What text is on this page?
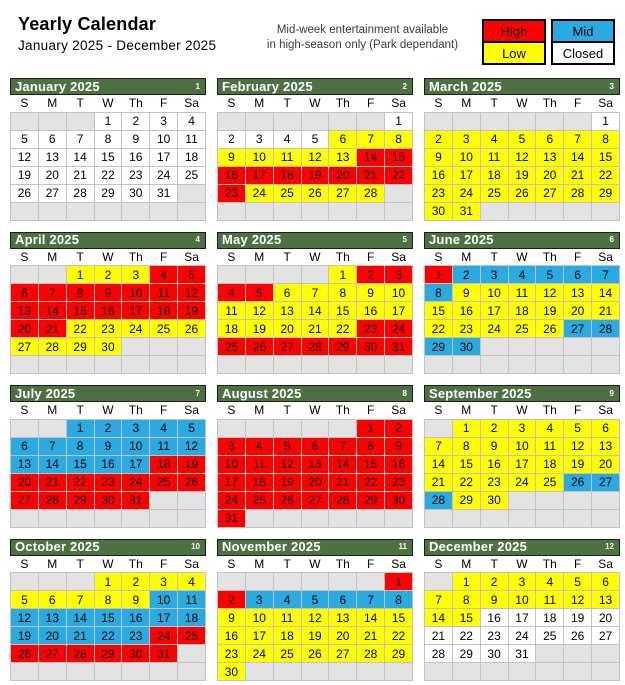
Yearly Calendar
January 2025 - December 2025
Mid-week entertainment available
in high-season only (Park dependant)
High
Low
Mid
Closed
January 2025	1
S	M	T	W	Th	F	Sa
			1	2	3	4
5	6	7	8	9	10	11
12	13	14	15	16	17	18
19	20	21	22	23	24	25
26	27	28	29	30	31	

February 2025	2
S	M	T	W	Th	F	Sa
						1
2	3	4	5	6	7	8
9	10	11	12	13	14	15
16	17	18	19	20	21	22
23	24	25	26	27	28	

March 2025	3
S	M	T	W	Th	F	Sa
						1
2	3	4	5	6	7	8
9	10	11	12	13	14	15
16	17	18	19	20	21	22
23	24	25	26	27	28	29
30	31					
April 2025	4
S	M	T	W	Th	F	Sa
		1	2	3	4	5
6	7	8	9	10	11	12
13	14	15	16	17	18	19
20	21	22	23	24	25	26
27	28	29	30			

May 2025	5
S	M	T	W	Th	F	Sa
				1	2	3
4	5	6	7	8	9	10
11	12	13	14	15	16	17
18	19	20	21	22	23	24
25	26	27	28	29	30	31

June 2025	6
S	M	T	W	Th	F	Sa
1	2	3	4	5	6	7
8	9	10	11	12	13	14
15	16	17	18	19	20	21
22	23	24	25	26	27	28
29	30					

July 2025	7
S	M	T	W	Th	F	Sa
		1	2	3	4	5
6	7	8	9	10	11	12
13	14	15	16	17	18	19
20	21	22	23	24	25	26
27	28	29	30	31		

August 2025	8
S	M	T	W	Th	F	Sa
					1	2
3	4	5	6	7	8	9
10	11	12	13	14	15	16
17	18	19	20	21	22	23
24	25	26	27	28	29	30
31						
September 2025	9
S	M	T	W	Th	F	Sa
	1	2	3	4	5	6
7	8	9	10	11	12	13
14	15	16	17	18	19	20
21	22	23	24	25	26	27
28	29	30				

October 2025	10
S	M	T	W	Th	F	Sa
			1	2	3	4
5	6	7	8	9	10	11
12	13	14	15	16	17	18
19	20	21	22	23	24	25
26	27	28	29	30	31	

November 2025	11
S	M	T	W	Th	F	Sa
						1
2	3	4	5	6	7	8
9	10	11	12	13	14	15
16	17	18	19	20	21	22
23	24	25	26	27	28	29
30						
December 2025	12
S	M	T	W	Th	F	Sa
	1	2	3	4	5	6
7	8	9	10	11	12	13
14	15	16	17	18	19	20
21	22	23	24	25	26	27
28	29	30	31			
